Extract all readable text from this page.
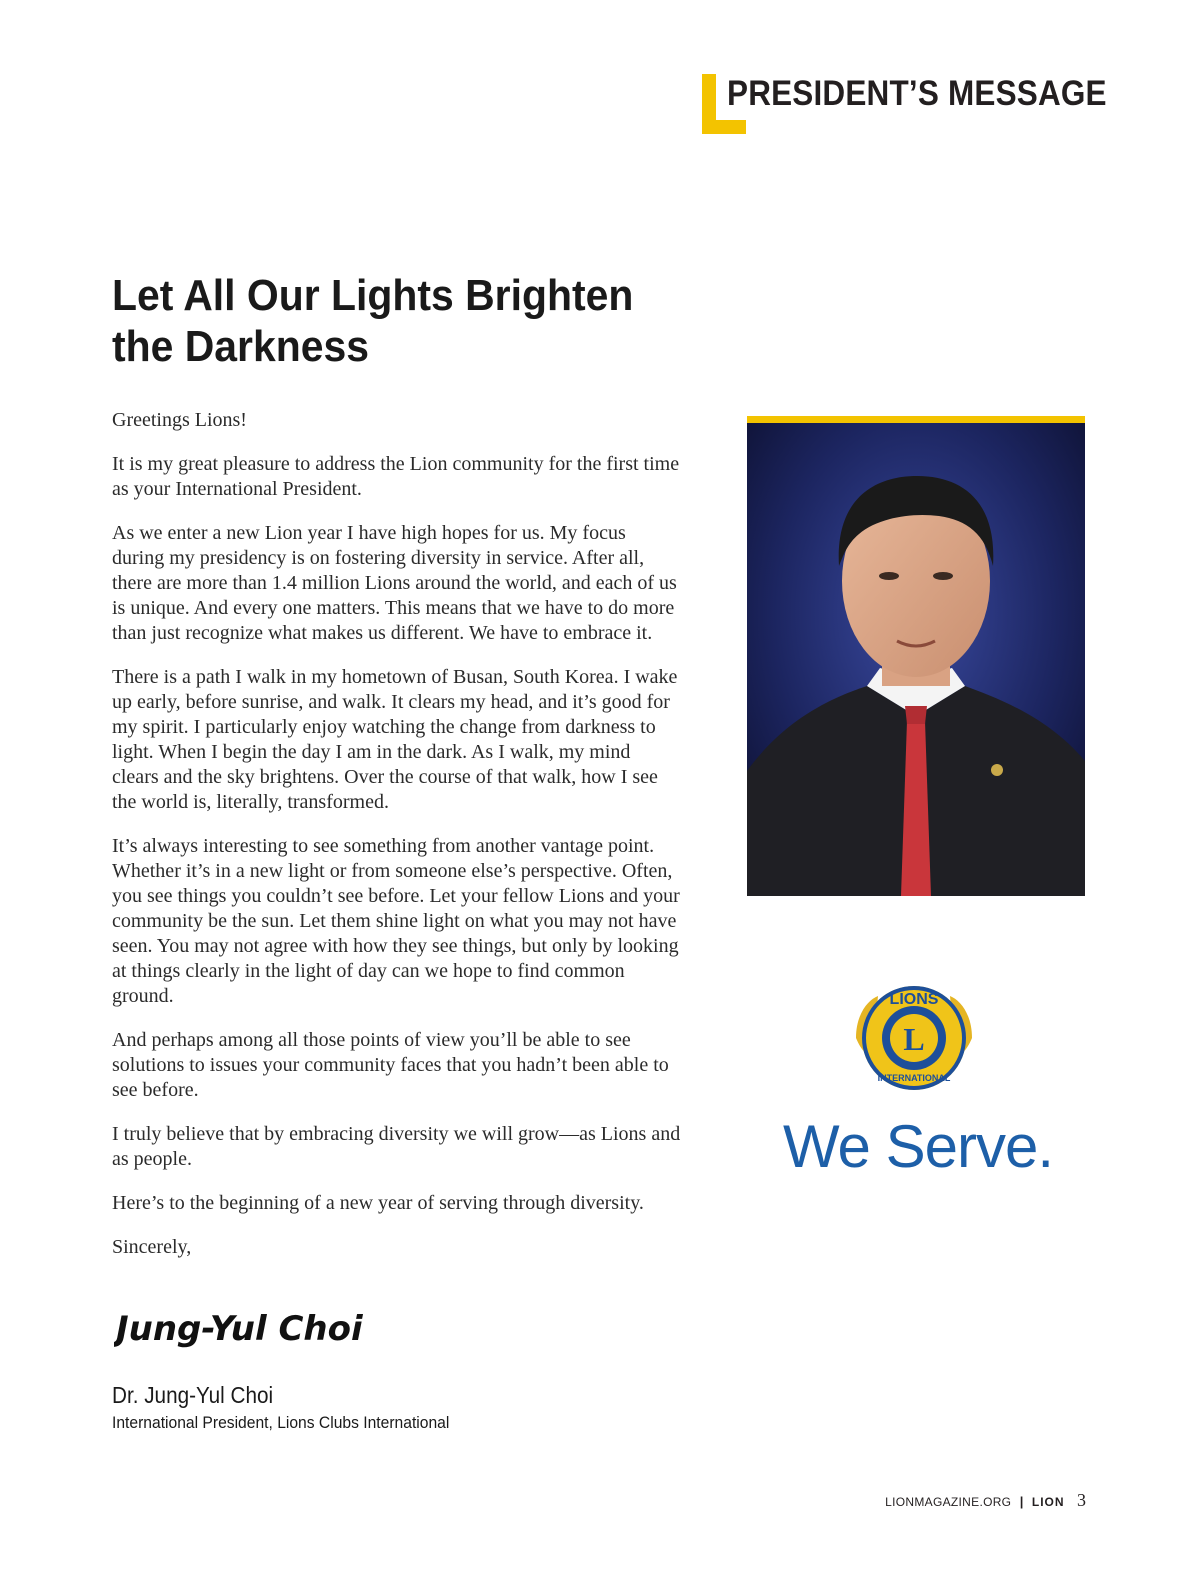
PRESIDENT’S MESSAGE
Let All Our Lights Brighten
the Darkness

Greetings Lions!

It is my great pleasure to address the Lion community for the first time as your International President.

As we enter a new Lion year I have high hopes for us. My focus during my presidency is on fostering diversity in service. After all, there are more than 1.4 million Lions around the world, and each of us is unique. And every one matters. This means that we have to do more than just recognize what makes us different. We have to embrace it.

There is a path I walk in my hometown of Busan, South Korea. I wake up early, before sunrise, and walk. It clears my head, and it’s good for my spirit. I particularly enjoy watching the change from darkness to light. When I begin the day I am in the dark. As I walk, my mind clears and the sky brightens. Over the course of that walk, how I see the world is, literally, transformed.

It’s always interesting to see something from another vantage point. Whether it’s in a new light or from someone else’s perspective. Often, you see things you couldn’t see before. Let your fellow Lions and your community be the sun. Let them shine light on what you may not have seen. You may not agree with how they see things, but only by looking at things clearly in the light of day can we hope to find common ground.

And perhaps among all those points of view you’ll be able to see solutions to issues your community faces that you hadn’t been able to see before.

I truly believe that by embracing diversity we will grow—as Lions and as people.

Here’s to the beginning of a new year of serving through diversity.

Sincerely,

Jung-Yul Choi
Dr. Jung-Yul Choi
International President, Lions Clubs International
L
LIONS
INTERNATIONAL
We Serve.
LIONMAGAZINE.ORG | LION 3
